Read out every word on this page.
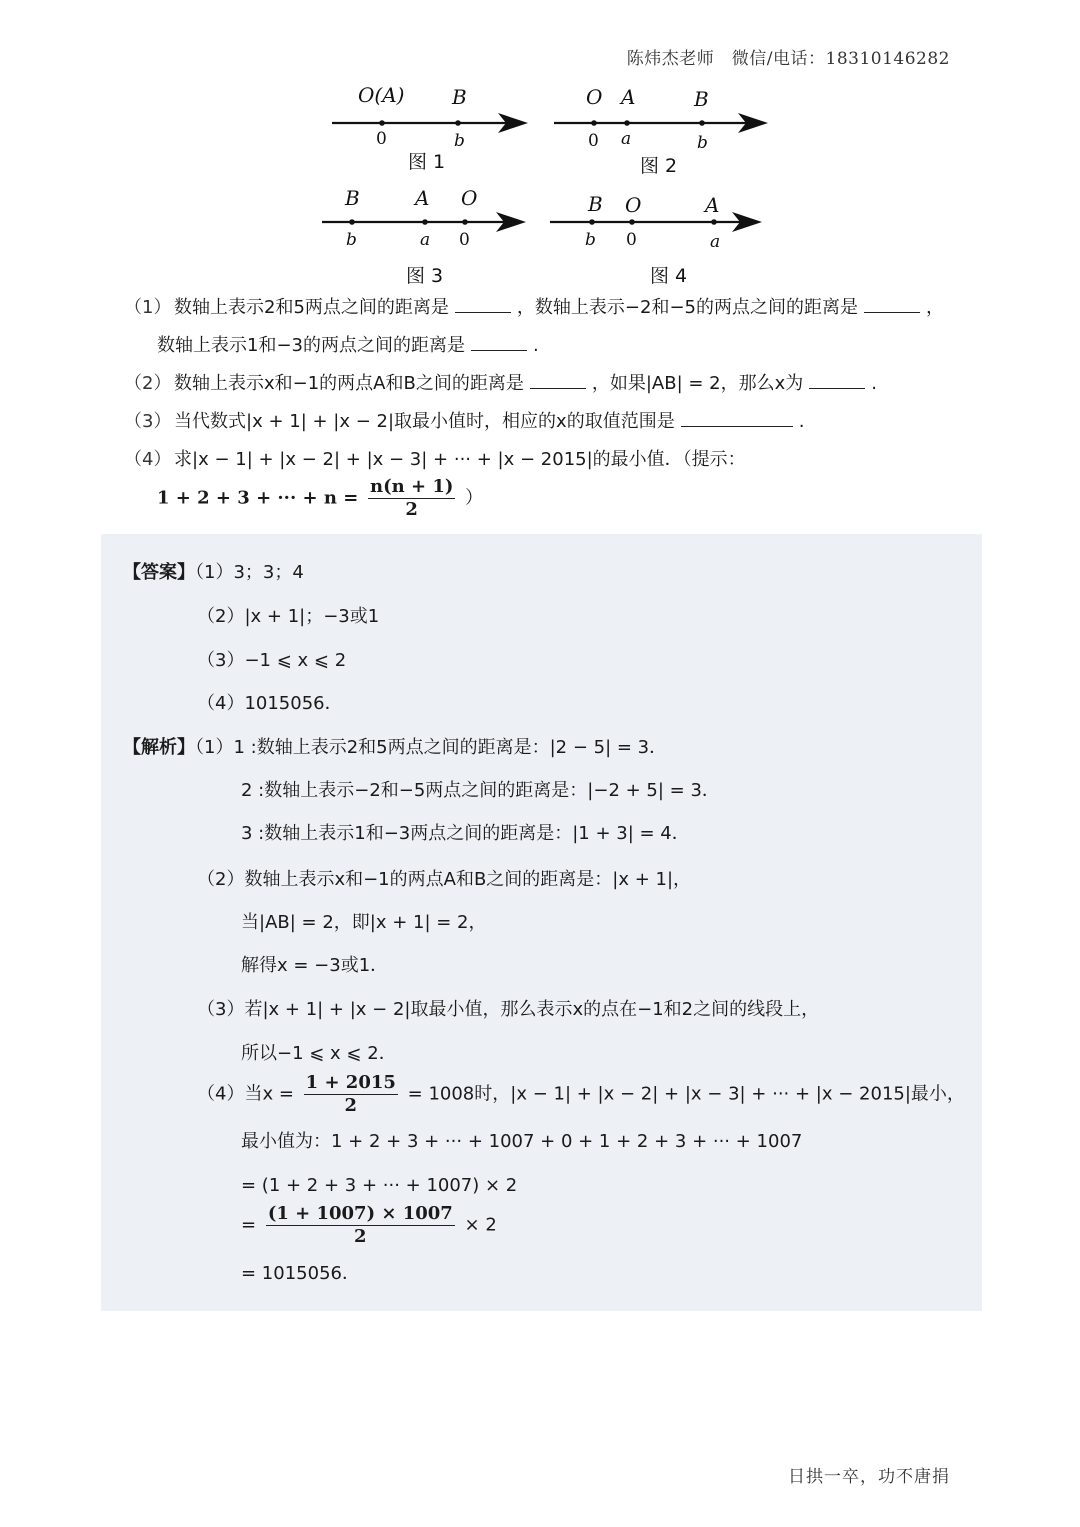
陈炜杰老师　微信/电话：18310146282
O(A) B
0	b
图 1
O A	B
0 a	b
图 2
B	A O
b	a 0
图 3
B O	A
b 0	a
图 4
（1） 数轴上表示2和5两点之间的距离是	，数轴上表示−2和−5的两点之间的距离是	，
数轴上表示1和−3的两点之间的距离是	.
（2） 数轴上表示x和−1的两点A和B之间的距离是	，如果|AB| = 2，那么x为	.
（3） 当代数式|x + 1| + |x − 2|取最小值时，相应的x的取值范围是	.
（4） 求|x − 1| + |x − 2| + |x − 3| + ··· + |x − 2015|的最小值．（提示：
1 + 2 + 3 + ··· + $n = \frac{n(n + 1)}{2}$ ）
【答案】（1）3；3；4
（2）|x + 1|；−3或1
（3）−1 ⩽ x ⩽ 2
（4）1015056．
【解析】（1）1 :数轴上表示2和5两点之间的距离是：|2 − 5| = 3．
2 :数轴上表示−2和−5两点之间的距离是：|−2 + 5| = 3．
3 :数轴上表示1和−3两点之间的距离是：|1 + 3| = 4．
（2）数轴上表示x和−1的两点A和B之间的距离是：|x + 1|，
当|AB| = 2，即|x + 1| = 2，
解得x = −3或1．
（3）若|x + 1| + |x − 2|取最小值，那么表示x的点在−1和2之间的线段上，
所以−1 ⩽ x ⩽ 2．
（4）当$x = \frac{1 + 2015}{2} = 1008$时，|x − 1| + |x − 2| + |x − 3| + ··· + |x − 2015|最小，
最小值为：1 + 2 + 3 + ··· + 1007 + 0 + 1 + 2 + 3 + ··· + 1007
= (1 + 2 + 3 + ··· + 1007) × 2
= $\frac{(1 + 1007) \times 1007}{2} \times 2$
= 1015056．
日拱一卒，功不唐捐
